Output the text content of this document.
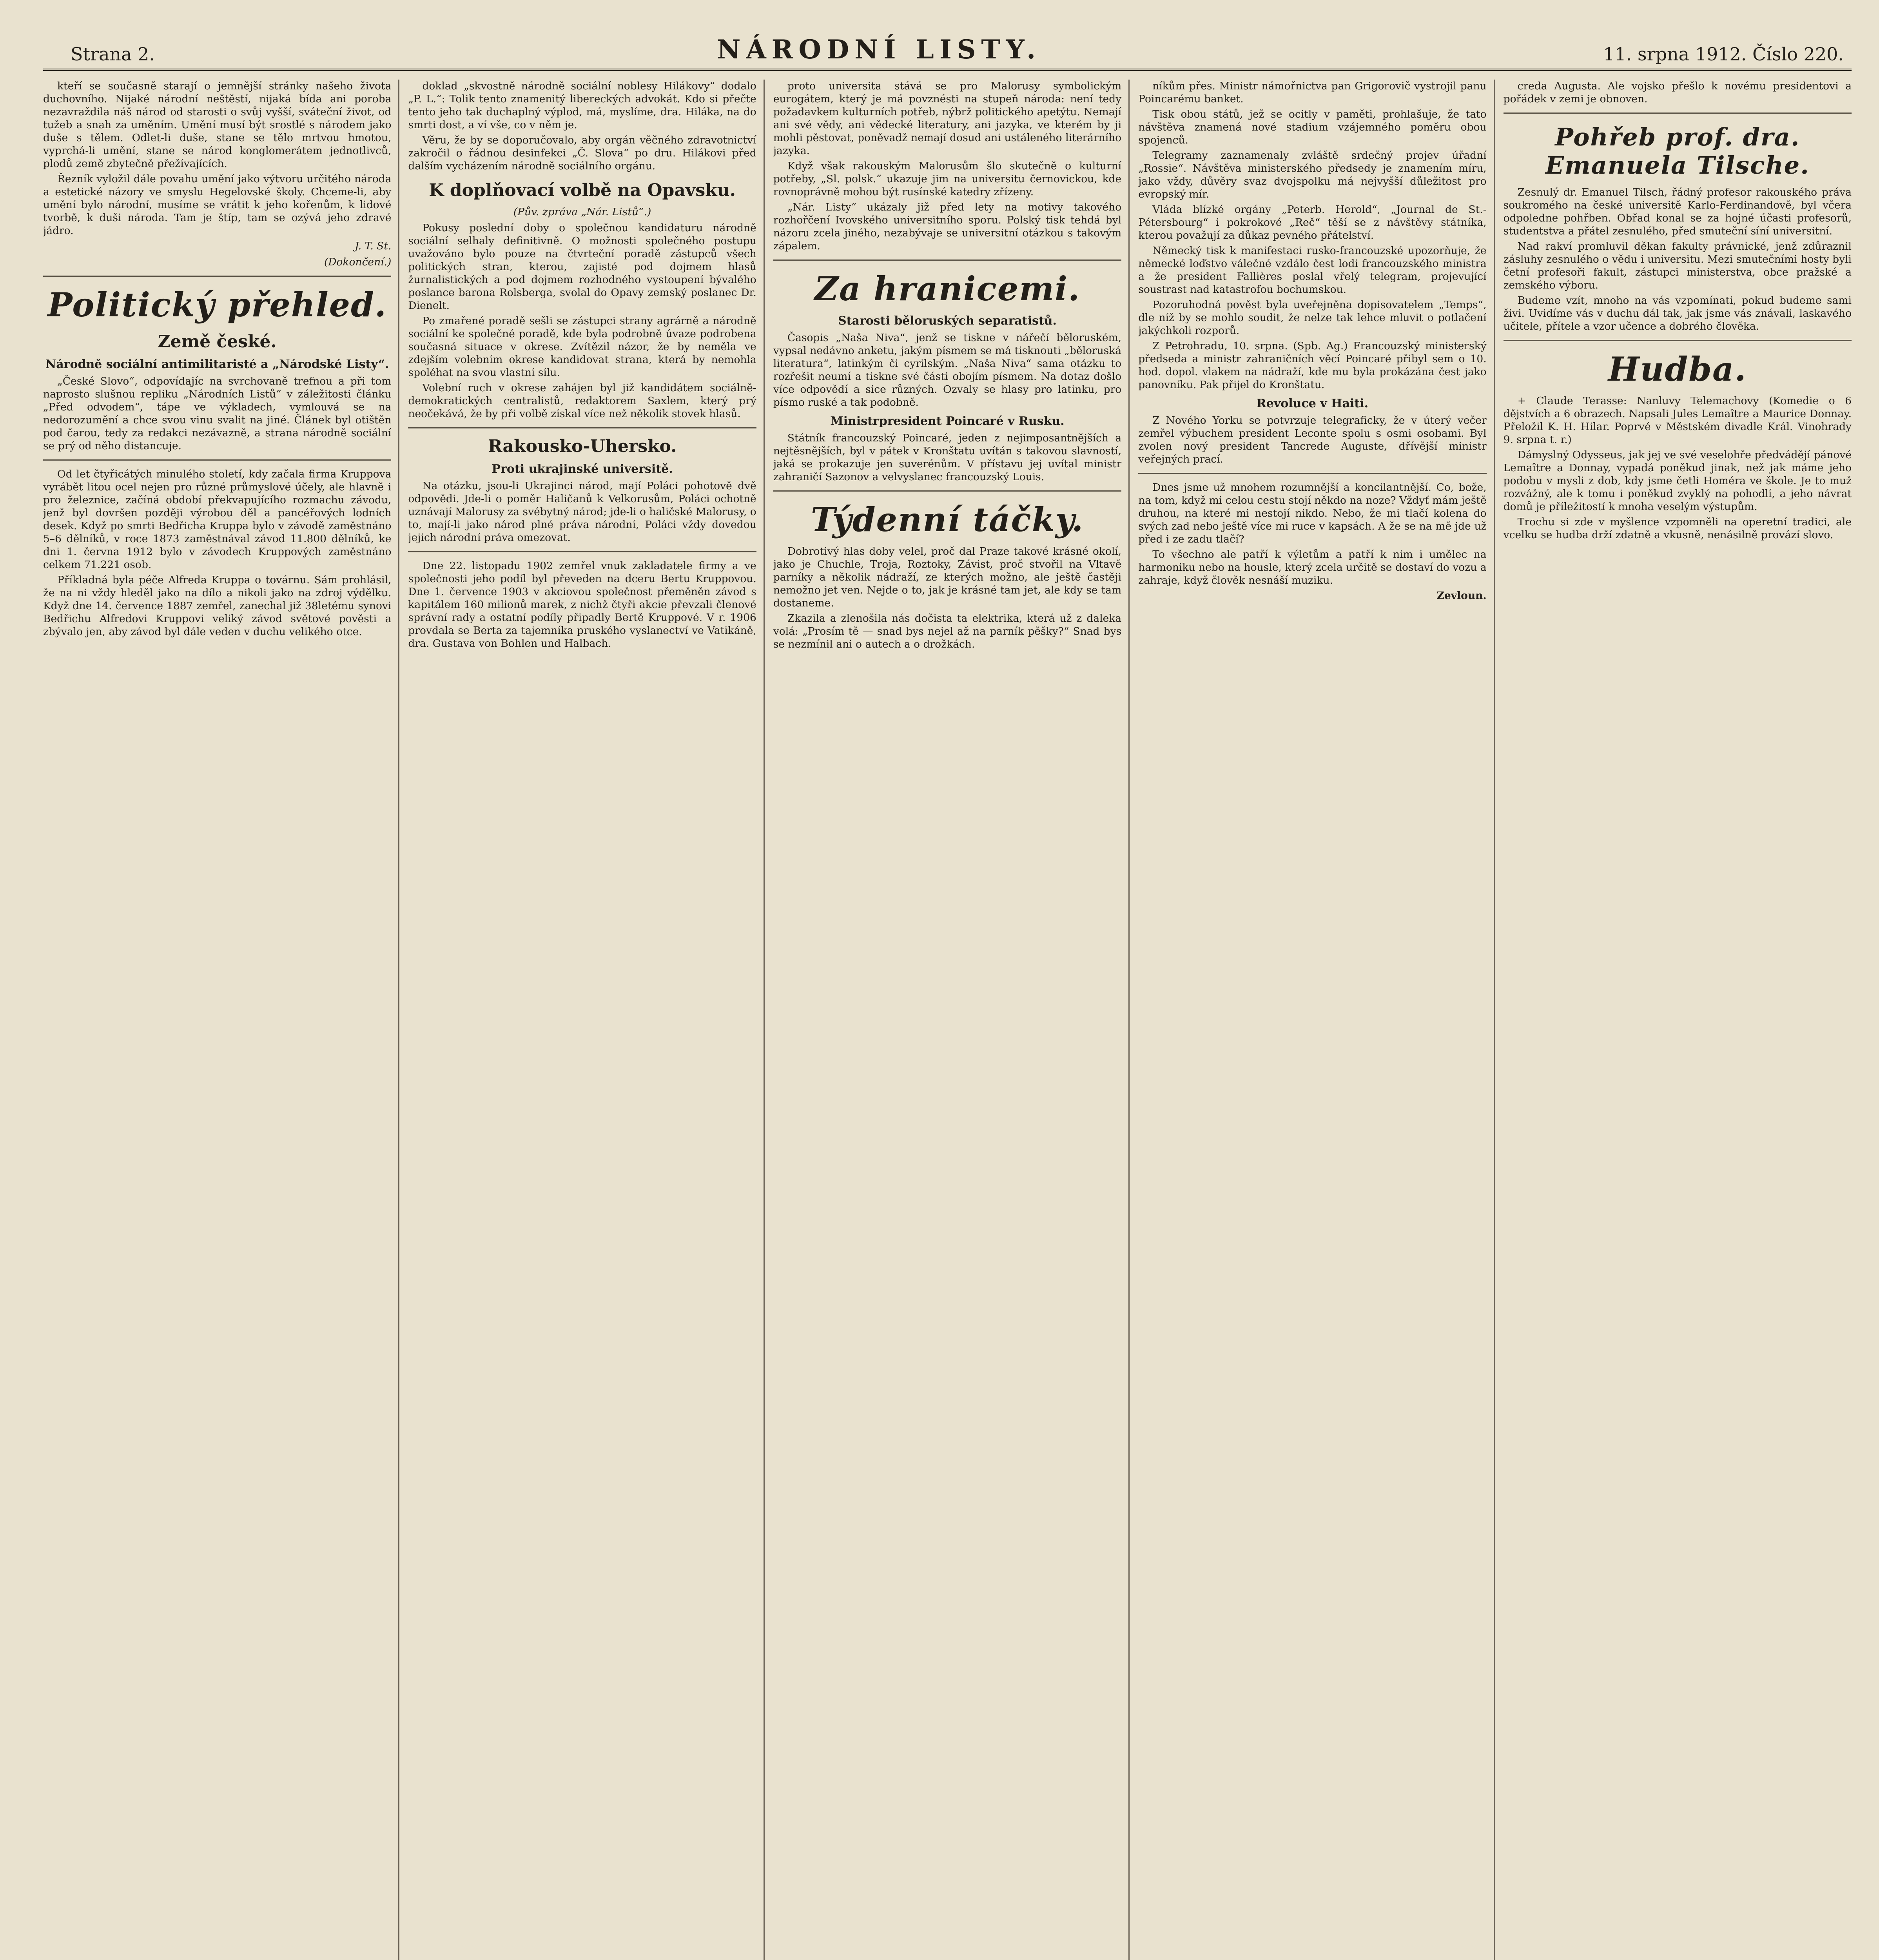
Strana 2.	NÁRODNÍ LISTY.	11. srpna 1912. Číslo 220.

kteří se současně starají o jemnější stránky našeho života duchovního. Nijaké národní neštěstí, nijaká bída ani poroba nezavraždila náš národ od starosti o svůj vyšší, sváteční život, od tužeb a snah za uměním. Umění musí být srostlé s národem jako duše s tělem. Odlet-li duše, stane se tělo mrtvou hmotou, vyprchá-li umění, stane se národ konglomerátem jednotlivců, plodů země zbytečně přežívajících.

Řezník vyložil dále povahu umění jako výtvoru určitého národa a estetické názory ve smyslu Hegelovské školy. Chceme-li, aby umění bylo národní, musíme se vrátit k jeho kořenům, k lidové tvorbě, k duši národa. Tam je štíp, tam se ozývá jeho zdravé jádro.

J. T. St.
(Dokončení.)
Politický přehled.
Země české.
Národně sociální antimilitaristé a „Národské Listy“.

„České Slovo“, odpovídajíc na svrchovaně trefnou a při tom naprosto slušnou repliku „Národních Listů“ v záležitosti článku „Před odvodem“, tápe ve výkladech, vymlouvá se na nedorozumění a chce svou vinu svalit na jiné. Článek byl otištěn pod čarou, tedy za redakci nezávazně, a strana národně sociální se prý od něho distancuje.

Od let čtyřicátých minulého století, kdy začala firma Kruppova vyrábět litou ocel nejen pro různé průmyslové účely, ale hlavně i pro železnice, začíná období překvapujícího rozmachu závodu, jenž byl dovršen později výrobou děl a pancéřových lodních desek. Když po smrti Bedřicha Kruppa bylo v závodě zaměstnáno 5–6 dělníků, v roce 1873 zaměstnával závod 11.800 dělníků, ke dni 1. června 1912 bylo v závodech Kruppových zaměstnáno celkem 71.221 osob.

Příkladná byla péče Alfreda Kruppa o továrnu. Sám prohlásil, že na ni vždy hleděl jako na dílo a nikoli jako na zdroj výdělku. Když dne 14. července 1887 zemřel, zanechal již 38letému synovi Bedřichu Alfredovi Kruppovi veliký závod světové pověsti a zbývalo jen, aby závod byl dále veden v duchu velikého otce.

doklad „skvostně národně sociální noblesy Hilákovy“ dodalo „P. L.“: Tolik tento znamenitý libereckých advokát. Kdo si přečte tento jeho tak duchaplný výplod, má, myslíme, dra. Hiláka, na do smrti dost, a ví vše, co v něm je.

Věru, že by se doporučovalo, aby orgán věčného zdravotnictví zakročil o řádnou desinfekci „Č. Slova“ po dru. Hilákovi před dalším vycházením národně sociálního orgánu.

K doplňovací volbě na Opavsku.
(Pův. zpráva „Nár. Listů“.)

Pokusy poslední doby o společnou kandidaturu národně sociální selhaly definitivně. O možnosti společného postupu uvažováno bylo pouze na čtvrteční poradě zástupců všech politických stran, kterou, zajisté pod dojmem hlasů žurnalistických a pod dojmem rozhodného vystoupení bývalého poslance barona Rolsberga, svolal do Opavy zemský poslanec Dr. Dienelt.

Po zmařené poradě sešli se zástupci strany agrárně a národně sociální ke společné poradě, kde byla podrobně úvaze podrobena současná situace v okrese. Zvítězil názor, že by neměla ve zdejším volebním okrese kandidovat strana, která by nemohla spoléhat na svou vlastní sílu.

Volební ruch v okrese zahájen byl již kandidátem sociálně-demokratických centralistů, redaktorem Saxlem, který prý neočekává, že by při volbě získal více než několik stovek hlasů.

Rakousko-Uhersko.
Proti ukrajinské universitě.

Na otázku, jsou-li Ukrajinci národ, mají Poláci pohotově dvě odpovědi. Jde-li o poměr Haličanů k Velkorusům, Poláci ochotně uznávají Malorusy za svébytný národ; jde-li o haličské Malorusy, o to, mají-li jako národ plné práva národní, Poláci vždy dovedou jejich národní práva omezovat.

Dne 22. listopadu 1902 zemřel vnuk zakladatele firmy a ve společnosti jeho podíl byl převeden na dceru Bertu Kruppovou. Dne 1. července 1903 v akciovou společnost přeměněn závod s kapitálem 160 milionů marek, z nichž čtyři akcie převzali členové správní rady a ostatní podíly připadly Bertě Kruppové. V r. 1906 provdala se Berta za tajemníka pruského vyslanectví ve Vatikáně, dra. Gustava von Bohlen und Halbach.

proto universita stává se pro Malorusy symbolickým eurogátem, který je má povznésti na stupeň národa: není tedy požadavkem kulturních potřeb, nýbrž politického apetýtu. Nemají ani své vědy, ani vědecké literatury, ani jazyka, ve kterém by ji mohli pěstovat, poněvadž nemají dosud ani ustáleného literárního jazyka.

Když však rakouským Malorusům šlo skutečně o kulturní potřeby, „Sl. polsk.“ ukazuje jim na universitu černovickou, kde rovnoprávně mohou být rusínské katedry zřízeny.

„Nár. Listy“ ukázaly již před lety na motivy takového rozhořčení Ivovského universitního sporu. Polský tisk tehdá byl názoru zcela jiného, nezabývaje se universitní otázkou s takovým zápalem.

Za hranicemi.
Starosti běloruských separatistů.

Časopis „Naša Niva“, jenž se tiskne v nářečí běloruském, vypsal nedávno anketu, jakým písmem se má tisknouti „běloruská literatura“, latinkým či cyrilským. „Naša Niva“ sama otázku to rozřešit neumí a tiskne své části obojím písmem. Na dotaz došlo více odpovědí a sice různých. Ozvaly se hlasy pro latinku, pro písmo ruské a tak podobně.

Ministrpresident Poincaré v Rusku.

Státník francouzský Poincaré, jeden z nejimposantnějších a nejtěsnějších, byl v pátek v Kronštatu uvítán s takovou slavností, jaká se prokazuje jen suverénům. V přístavu jej uvítal ministr zahraničí Sazonov a velvyslanec francouzský Louis.

Týdenní táčky.

Dobrotivý hlas doby velel, proč dal Praze takové krásné okolí, jako je Chuchle, Troja, Roztoky, Závist, proč stvořil na Vltavě parníky a několik nádraží, ze kterých možno, ale ještě častěji nemožno jet ven. Nejde o to, jak je krásné tam jet, ale kdy se tam dostaneme.

Zkazila a zlenošila nás dočista ta elektrika, která už z daleka volá: „Prosím tě — snad bys nejel až na parník pěšky?“ Snad bys se nezmínil ani o autech a o drožkách.

níkům přes. Ministr námořnictva pan Grigorovič vystrojil panu Poincarému banket.

Tisk obou států, jež se ocitly v paměti, prohlašuje, že tato návštěva znamená nové stadium vzájemného poměru obou spojenců.

Telegramy zaznamenaly zvláště srdečný projev úřadní „Rossie“. Návštěva ministerského předsedy je znamením míru, jako vždy, důvěry svaz dvojspolku má nejvyšší důležitost pro evropský mír.

Vláda blízké orgány „Peterb. Herold“, „Journal de St.-Pétersbourg“ i pokrokové „Reč“ těší se z návštěvy státníka, kterou považují za důkaz pevného přátelství.

Německý tisk k manifestaci rusko-francouzské upozorňuje, že německé loďstvo válečné vzdálo čest lodi francouzského ministra a že president Fallières poslal vřelý telegram, projevující soustrast nad katastrofou bochumskou.

Pozoruhodná pověst byla uveřejněna dopisovatelem „Temps“, dle níž by se mohlo soudit, že nelze tak lehce mluvit o potlačení jakýchkoli rozporů.

Z Petrohradu, 10. srpna. (Spb. Ag.) Francouzský ministerský předseda a ministr zahraničních věcí Poincaré přibyl sem o 10. hod. dopol. vlakem na nádraží, kde mu byla prokázána čest jako panovníku. Pak přijel do Kronštatu.

Revoluce v Haiti.

Z Nového Yorku se potvrzuje telegraficky, že v úterý večer zemřel výbuchem president Leconte spolu s osmi osobami. Byl zvolen nový president Tancrede Auguste, dřívější ministr veřejných prací.

Dnes jsme už mnohem rozumnější a koncilantnější. Co, bože, na tom, když mi celou cestu stojí někdo na noze? Vždyť mám ještě druhou, na které mi nestojí nikdo. Nebo, že mi tlačí kolena do svých zad nebo ještě více mi ruce v kapsách. A že se na mě jde už před i ze zadu tlačí?

To všechno ale patří k výletům a patří k nim i umělec na harmoniku nebo na housle, který zcela určitě se dostaví do vozu a zahraje, když člověk nesnáší muziku.

Zevloun.

creda Augusta. Ale vojsko přešlo k novému presidentovi a pořádek v zemi je obnoven.

Pohřeb prof. dra. Emanuela Tilsche.

Zesnulý dr. Emanuel Tilsch, řádný profesor rakouského práva soukromého na české universitě Karlo-Ferdinandově, byl včera odpoledne pohřben. Obřad konal se za hojné účasti profesorů, studentstva a přátel zesnulého, před smuteční síní universitní.

Nad rakví promluvil děkan fakulty právnické, jenž zdůraznil zásluhy zesnulého o vědu i universitu. Mezi smutečními hosty byli četní profesoři fakult, zástupci ministerstva, obce pražské a zemského výboru.

Budeme vzít, mnoho na vás vzpomínati, pokud budeme sami živi. Uvidíme vás v duchu dál tak, jak jsme vás znávali, laskavého učitele, přítele a vzor učence a dobrého člověka.

Hudba.

+ Claude Terasse: Nanluvy Telemachovy (Komedie o 6 dějstvích a 6 obrazech. Napsali Jules Lemaître a Maurice Donnay. Přeložil K. H. Hilar. Poprvé v Městském divadle Král. Vinohrady 9. srpna t. r.)

Dámyslný Odysseus, jak jej ve své veselohře předvádějí pánové Lemaître a Donnay, vypadá poněkud jinak, než jak máme jeho podobu v mysli z dob, kdy jsme četli Homéra ve škole. Je to muž rozvážný, ale k tomu i poněkud zvyklý na pohodlí, a jeho návrat domů je příležitostí k mnoha veselým výstupům.

Trochu si zde v myšlence vzpomněli na operetní tradici, ale vcelku se hudba drží zdatně a vkusně, nenásilně provází slovo.
